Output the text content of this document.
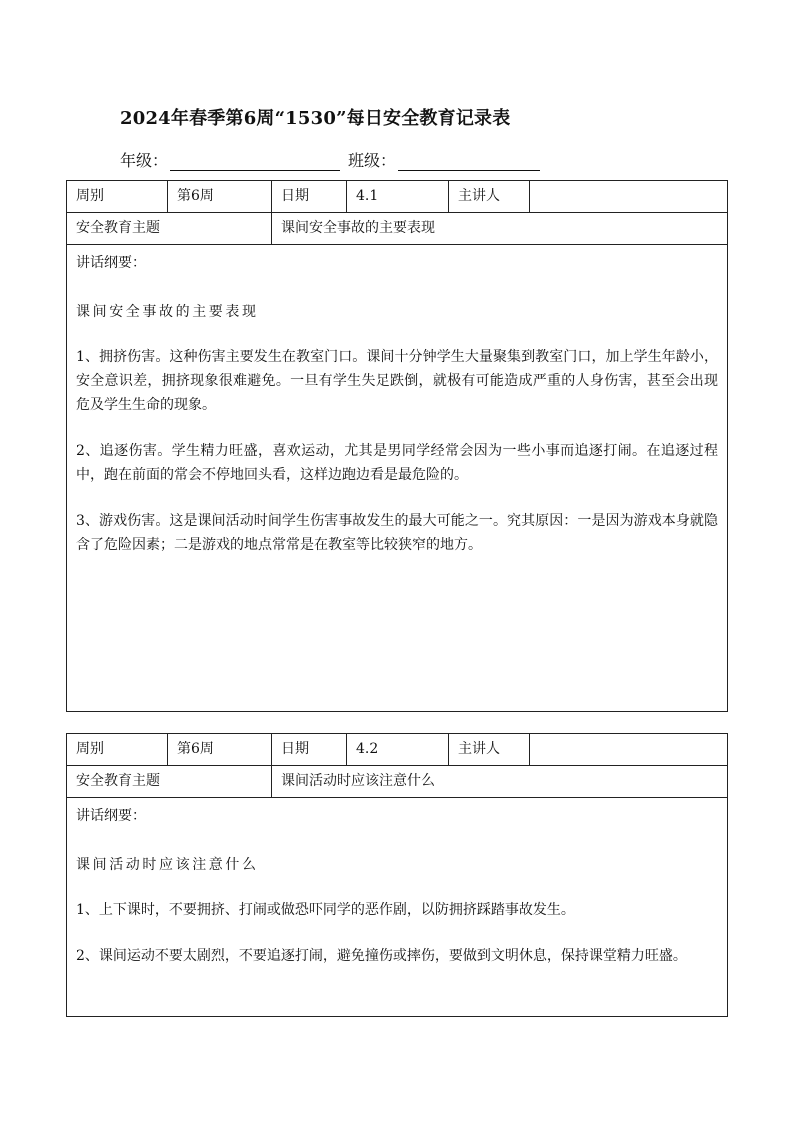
2024年春季第6周“1530”每日安全教育记录表
年级：	班级：
周别	第6周	日期	4.1	主讲人
安全教育主题	课间安全事故的主要表现
讲话纲要：
课间安全事故的主要表现
1、拥挤伤害。这种伤害主要发生在教室门口。课间十分钟学生大量聚集到教室门口，加上学生年龄小，安全意识差，拥挤现象很难避免。一旦有学生失足跌倒，就极有可能造成严重的人身伤害，甚至会出现危及学生生命的现象。
2、追逐伤害。学生精力旺盛，喜欢运动，尤其是男同学经常会因为一些小事而追逐打闹。在追逐过程中，跑在前面的常会不停地回头看，这样边跑边看是最危险的。
3、游戏伤害。这是课间活动时间学生伤害事故发生的最大可能之一。究其原因：一是因为游戏本身就隐含了危险因素；二是游戏的地点常常是在教室等比较狭窄的地方。
周别	第6周	日期	4.2	主讲人
安全教育主题	课间活动时应该注意什么
讲话纲要：
课间活动时应该注意什么
1、上下课时，不要拥挤、打闹或做恐吓同学的恶作剧，以防拥挤踩踏事故发生。
2、课间运动不要太剧烈，不要追逐打闹，避免撞伤或摔伤，要做到文明休息，保持课堂精力旺盛。
